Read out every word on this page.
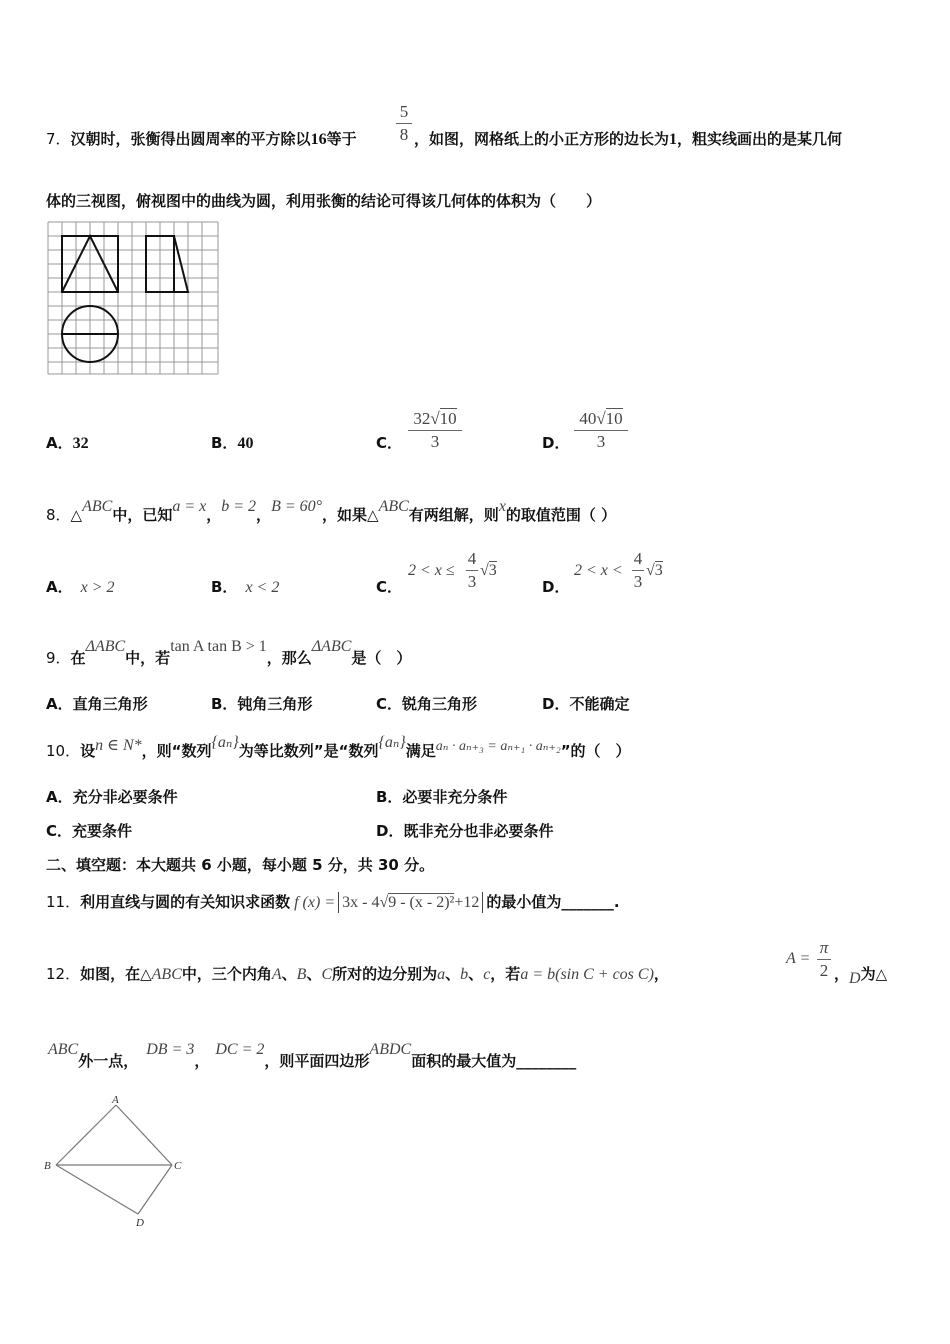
7．汉朝时，张衡得出圆周率的平方除以16等于
5
8 ，如图，网格纸上的小正方形的边长为1，粗实线画出的是某几何
体的三视图，俯视图中的曲线为圆，利用张衡的结论可得该几何体的体积为（　　）
A．32	B．40	C．
32√10
3	D．
40√10
3
8．△ABC中，已知a = x，b = 2，B = 60°，如果△ABC有两组解，则x的取值范围（ ）
A． x > 2	B． x < 2	C．
2 < x ≤
4
3
√3
D．
2 < x <
4
3
√3
9．在ΔABC中，若tan A tan B > 1，那么ΔABC是（　）
A．直角三角形	B．钝角三角形	C．锐角三角形	D．不能确定
10．设n ∈ N*，则“数列{aₙ}为等比数列”是“数列{aₙ}满足aₙ · aₙ₊₃ = aₙ₊₁ · aₙ₊₂”的（　）
A．充分非必要条件	B．必要非充分条件
C．充要条件	D．既非充分也非必要条件
二、填空题：本大题共 6 小题，每小题 5 分，共 30 分。
11．利用直线与圆的有关知识求函数 f (x) = 3x - 4√9 - (x - 2)²+12 的最小值为_______.
12．如图，在△ABC中，三个内角A、B、C所对的边分别为a、b、c，若a = b(sin C + cos C)，
A =
π
2 ，D为△
ABC外一点，DB = 3，DC = 2，则平面四边形ABDC面积的最大值为________
A
B	C
D
